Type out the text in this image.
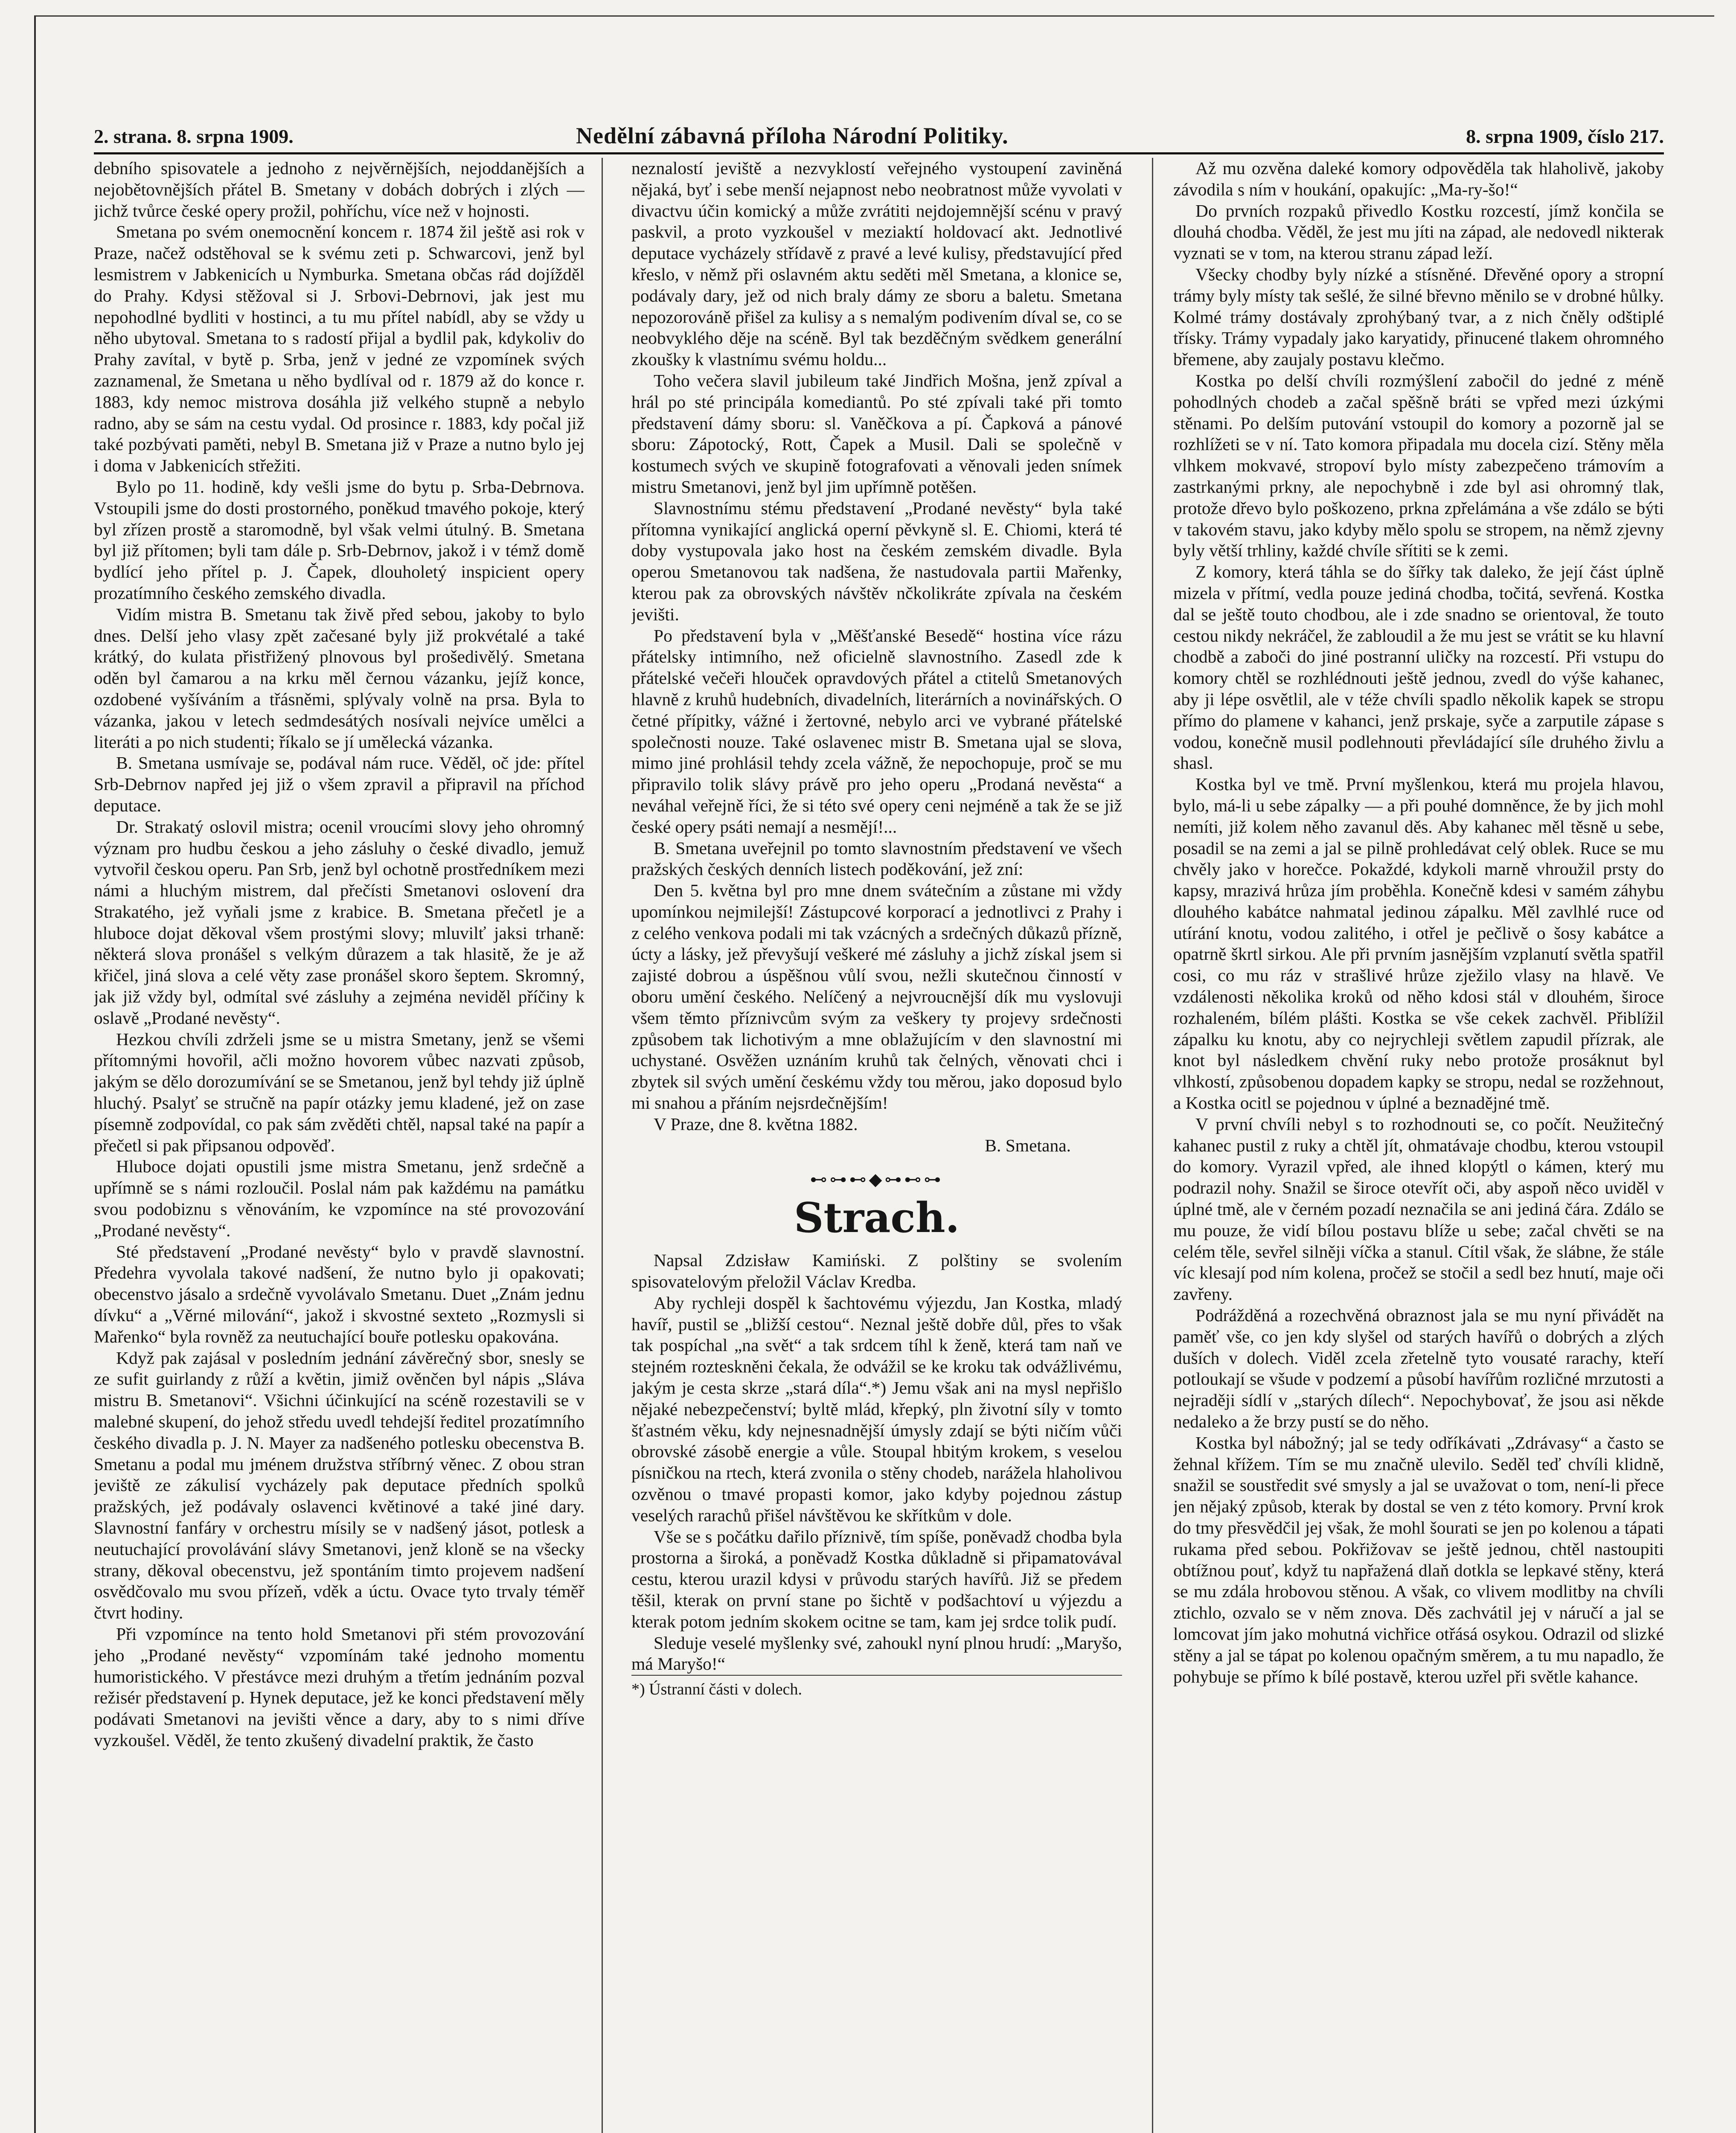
2. strana. 8. srpna 1909.	Nedělní zábavná příloha Národní Politiky.	8. srpna 1909, číslo 217.

debního spisovatele a jednoho z nejvěrnějších, nejoddanějších a nejobětovnějších přátel B. Smetany v dobách dobrých i zlých — jichž tvůrce české opery prožil, pohříchu, více než v hojnosti.

Smetana po svém onemocnění koncem r. 1874 žil ještě asi rok v Praze, načež odstěhoval se k svému zeti p. Schwarcovi, jenž byl lesmistrem v Jabkenicích u Nymburka. Smetana občas rád dojížděl do Prahy. Kdysi stěžoval si J. Srbovi-Debrnovi, jak jest mu nepohodlné bydliti v hostinci, a tu mu přítel nabídl, aby se vždy u něho ubytoval. Smetana to s radostí přijal a bydlil pak, kdykoliv do Prahy zavítal, v bytě p. Srba, jenž v jedné ze vzpomínek svých zaznamenal, že Smetana u něho bydlíval od r. 1879 až do konce r. 1883, kdy nemoc mistrova dosáhla již velkého stupně a nebylo radno, aby se sám na cestu vydal. Od prosince r. 1883, kdy počal již také pozbývati paměti, nebyl B. Smetana již v Praze a nutno bylo jej i doma v Jabkenicích střežiti.

Bylo po 11. hodině, kdy vešli jsme do bytu p. Srba-Debrnova. Vstoupili jsme do dosti prostorného, poněkud tmavého pokoje, který byl zřízen prostě a staromodně, byl však velmi útulný. B. Smetana byl již přítomen; byli tam dále p. Srb-Debrnov, jakož i v témž domě bydlící jeho přítel p. J. Čapek, dlouholetý inspicient opery prozatímního českého zemského divadla.

Vidím mistra B. Smetanu tak živě před sebou, jakoby to bylo dnes. Delší jeho vlasy zpět začesané byly již prokvétalé a také krátký, do kulata přistřižený plnovous byl prošedivělý. Smetana oděn byl čamarou a na krku měl černou vázanku, jejíž konce, ozdobené vyšíváním a třásněmi, splývaly volně na prsa. Byla to vázanka, jakou v letech sedmdesátých nosívali nejvíce umělci a literáti a po nich studenti; říkalo se jí umělecká vázanka.

B. Smetana usmívaje se, podával nám ruce. Věděl, oč jde: přítel Srb-Debrnov napřed jej již o všem zpravil a připravil na příchod deputace.

Dr. Strakatý oslovil mistra; ocenil vroucími slovy jeho ohromný význam pro hudbu českou a jeho zásluhy o české divadlo, jemuž vytvořil českou operu. Pan Srb, jenž byl ochotně prostředníkem mezi námi a hluchým mistrem, dal přečísti Smetanovi oslovení drа Strakatého, jež vyňali jsme z krabice. B. Smetana přečetl je a hluboce dojat děkoval všem prostými slovy; mluvilť jaksi trhaně: některá slova pronášel s velkým důrazem a tak hlasitě, že je až křičel, jiná slova a celé věty zase pronášel skoro šeptem. Skromný, jak již vždy byl, odmítal své zásluhy a zejména neviděl příčiny k oslavě „Prodané nevěsty“.

Hezkou chvíli zdrželi jsme se u mistra Smetany, jenž se všemi přítomnými hovořil, ačli možno hovorem vůbec nazvati způsob, jakým se dělo dorozumívání se se Smetanou, jenž byl tehdy již úplně hluchý. Psalyť se stručně na papír otázky jemu kladené, jež on zase písemně zodpovídal, co pak sám zvěděti chtěl, napsal také na papír a přečetl si pak připsanou odpověď.

Hluboce dojati opustili jsme mistra Smetanu, jenž srdečně a upřímně se s námi rozloučil. Poslal nám pak každému na památku svou podobiznu s věnováním, ke vzpomínce na sté provozování „Prodané nevěsty“.

Sté představení „Prodané nevěsty“ bylo v pravdě slavnostní. Předehra vyvolala takové nadšení, že nutno bylo ji opakovati; obecenstvo jásalo a srdečně vyvolávalo Smetanu. Duet „Znám jednu dívku“ a „Věrné milování“, jakož i skvostné sexteto „Rozmysli si Mařenko“ byla rovněž za neutuchající bouře potlesku opakována.

Když pak zajásal v posledním jednání závěrečný sbor, snesly se ze sufit guirlandy z růží a květin, jimiž ověnčen byl nápis „Sláva mistru B. Smetanovi“. Všichni účinkující na scéně rozestavili se v malebné skupení, do jehož středu uvedl tehdejší ředitel prozatímního českého divadla p. J. N. Mayer za nadšeného potlesku obecenstva B. Smetanu a podal mu jménem družstva stříbrný věnec. Z obou stran jeviště ze zákulisí vycházely pak deputace předních spolků pražských, jež podávaly oslavenci květinové a také jiné dary. Slavnostní fanfáry v orchestru mísily se v nadšený jásot, potlesk a neutuchající provolávání slávy Smetanovi, jenž kloně se na všecky strany, děkoval obecenstvu, jež spontáním timto projevem nadšení osvědčovalo mu svou přízeň, vděk a úctu. Ovace tyto trvaly téměř čtvrt hodiny.

Při vzpomínce na tento hold Smetanovi při stém provozování jeho „Prodané nevěsty“ vzpomínám také jednoho momentu humoristického. V přestávce mezi druhým a třetím jednáním pozval režisér představení p. Hynek deputace, jež ke konci představení měly podávati Smetanovi na jevišti věnce a dary, aby to s nimi dříve vyzkoušel. Věděl, že tento zkušený divadelní praktik, že často

neznalostí jeviště a nezvyklostí veřejného vystoupení zaviněná nějaká, byť i sebe menší nejapnost nebo neobratnost může vyvolati v divactvu účin komický a může zvrátiti nejdojemnější scénu v pravý paskvil, a proto vyzkoušel v meziaktí holdovací akt. Jednotlivé deputace vycházely střídavě z pravé a levé kulisy, představující před křeslo, v němž při oslavném aktu seděti měl Smetana, a klonice se, podávaly dary, jež od nich braly dámy ze sboru a baletu. Smetana nepozorováně přišel za kulisy a s nemalým podivením díval se, co se neobvyklého děje na scéně. Byl tak bezděčným svědkem generální zkoušky k vlastnímu svému holdu...

Toho večera slavil jubileum také Jindřich Mošna, jenž zpíval a hrál po sté principála komediantů. Po sté zpívali také při tomto představení dámy sboru: sl. Vaněčkova a pí. Čapková a pánové sboru: Zápotocký, Rott, Čapek a Musil. Dali se společně v kostumech svých ve skupině fotografovati a věnovali jeden snímek mistru Smetanovi, jenž byl jim upřímně potěšen.

Slavnostnímu stému představení „Prodané nevěsty“ byla také přítomna vynikající anglická operní pěvkyně sl. E. Chiomi, která té doby vystupovala jako host na českém zemském divadle. Byla operou Smetanovou tak nadšena, že nastudovala partii Mařenky, kterou pak za obrovských návštěv nčkolikráte zpívala na českém jevišti.

Po představení byla v „Měšťanské Besedě“ hostina více rázu přátelsky intimního, než oficielně slavnostního. Zasedl zde k přátelské večeři hlouček opravdových přátel a ctitelů Smetanových hlavně z kruhů hudebních, divadelních, literárních a novinářských. O četné přípitky, vážné i žertovné, nebylo arci ve vybrané přátelské společnosti nouze. Také oslavenec mistr B. Smetana ujal se slova, mimo jiné prohlásil tehdy zcela vážně, že nepochopuje, proč se mu připravilo tolik slávy právě pro jeho operu „Prodaná nevěsta“ a neváhal veřejně říci, že si této své opery ceni nejméně a tak že se již české opery psáti nemají a nesmějí!...

B. Smetana uveřejnil po tomto slavnostním představení ve všech pražských českých denních listech poděkování, jež zní:

Den 5. května byl pro mne dnem svátečním a zůstane mi vždy upomínkou nejmilejší! Zástupcové korporací a jednotlivci z Prahy i z celého venkova podali mi tak vzácných a srdečných důkazů přízně, úcty a lásky, jež převyšují veškeré mé zásluhy a jichž získal jsem si zajisté dobrou a úspěšnou vůlí svou, nežli skutečnou činností v oboru umění českého. Nelíčený a nejvroucnější dík mu vyslovuji všem těmto příznivcům svým za veškery ty projevy srdečnosti způsobem tak lichotivým a mne oblažujícím v den slavnostní mi uchystané. Osvěžen uznáním kruhů tak čelných, věnovati chci i zbytek sil svých umění českému vždy tou měrou, jako doposud bylo mi snahou a přáním nejsrdečnějším!

V Praze, dne 8. května 1882.

B. Smetana.

⊷⊶⊷◆⊶⊷⊶
Strach.

Napsal Zdzisław Kamiński. Z polštiny se svolením spisovatelovým přeložil Václav Kredba.

Aby rychleji dospěl k šachtovému výjezdu, Jan Kostka, mladý havíř, pustil se „bližší cestou“. Neznal ještě dobře důl, přes to však tak pospíchal „na svět“ a tak srdcem tíhl k ženě, která tam naň ve stejném rozteskněni čekala, že odvážil se ke kroku tak odvážlivému, jakým je cesta skrze „stará díla“.*) Jemu však ani na mysl nepřišlo nějaké nebezpečenství; byltě mlád, křepký, pln životní síly v tomto šťastném věku, kdy nejnesnadnější úmysly zdají se býti ničím vůči obrovské zásobě energie a vůle. Stoupal hbitým krokem, s veselou písničkou na rtech, která zvonila o stěny chodeb, narážela hlaholivou ozvěnou o tmavé propasti komor, jako kdyby pojednou zástup veselých rarachů přišel návštěvou ke skřítkům v dole.

Vše se s počátku dařilo příznivě, tím spíše, poněvadž chodba byla prostorna a široká, a poněvadž Kostka důkladně si připamatovával cestu, kterou urazil kdysi v průvodu starých havířů. Již se předem těšil, kterak on první stane po šichtě v podšachtoví u výjezdu a kterak potom jedním skokem ocitne se tam, kam jej srdce tolik pudí.

Sleduje veselé myšlenky své, zahoukl nyní plnou hrudí: „Maryšo, má Maryšo!“

*) Ústranní části v dolech.

Až mu ozvěna daleké komory odpověděla tak hlaholivě, jakoby závodila s ním v houkání, opakujíc: „Ma-ry-šo!“

Do prvních rozpaků přivedlo Kostku rozcestí, jímž končila se dlouhá chodba. Věděl, že jest mu jíti na západ, ale nedovedl nikterak vyznati se v tom, na kterou stranu západ leží.

Všecky chodby byly nízké a stísněné. Dřevěné opory a stropní trámy byly místy tak sešlé, že silné břevno měnilo se v drobné hůlky. Kolmé trámy dostávaly zprohýbaný tvar, a z nich čněly odštiplé třísky. Trámy vypadaly jako karyatidy, přinucené tlakem ohromného břemene, aby zaujaly postavu klečmo.

Kostka po delší chvíli rozmýšlení zabočil do jedné z méně pohodlných chodeb a začal spěšně bráti se vpřed mezi úzkými stěnami. Po delším putování vstoupil do komory a pozorně jal se rozhlížeti se v ní. Tato komora připadala mu docela cizí. Stěny měla vlhkem mokvavé, stropoví bylo místy zabezpečeno trámovím a zastrkanými prkny, ale nepochybně i zde byl asi ohromný tlak, protože dřevo bylo poškozeno, prkna zpřelámána a vše zdálo se býti v takovém stavu, jako kdyby mělo spolu se stropem, na němž zjevny byly větší trhliny, každé chvíle sřítiti se k zemi.

Z komory, která táhla se do šířky tak daleko, že její část úplně mizela v přítmí, vedla pouze jediná chodba, točitá, sevřená. Kostka dal se ještě touto chodbou, ale i zde snadno se orientoval, že touto cestou nikdy nekráčel, že zabloudil a že mu jest se vrátit se ku hlavní chodbě a zaboči do jiné postranní uličky na rozcestí. Při vstupu do komory chtěl se rozhlédnouti ještě jednou, zvedl do výše kahanec, aby ji lépe osvětlil, ale v téže chvíli spadlo několik kapek se stropu přímo do plamene v kahanci, jenž prskaje, syče a zarputile zápase s vodou, konečně musil podlehnouti převládající síle druhého živlu a shasl.

Kostka byl ve tmě. První myšlenkou, která mu projela hlavou, bylo, má-li u sebe zápalky — a při pouhé domněnce, že by jich mohl nemíti, již kolem něho zavanul děs. Aby kahanec měl těsně u sebe, posadil se na zemi a jal se pilně prohledávat celý oblek. Ruce se mu chvěly jako v horečce. Pokaždé, kdykoli marně vhroužil prsty do kapsy, mrazivá hrůza jím proběhla. Konečně kdesi v samém záhybu dlouhého kabátce nahmatal jedinou zápalku. Měl zavlhlé ruce od utírání knotu, vodou zalitého, i otřel je pečlivě o šosy kabátce a opatrně škrtl sirkou. Ale při prvním jasnějším vzplanutí světla spatřil cosi, co mu ráz v strašlivé hrůze zježilo vlasy na hlavě. Ve vzdálenosti několika kroků od něho kdosi stál v dlouhém, široce rozhaleném, bílém plášti. Kostka se vše cekek zachvěl. Přiblížil zápalku ku knotu, aby co nejrychleji světlem zapudil přízrak, ale knot byl následkem chvění ruky nebo protože prosáknut byl vlhkostí, způsobenou dopadem kapky se stropu, nedal se rozžehnout, a Kostka ocitl se pojednou v úplné a beznadějné tmě.

V první chvíli nebyl s to rozhodnouti se, co počít. Neužitečný kahanec pustil z ruky a chtěl jít, ohmatávaje chodbu, kterou vstoupil do komory. Vyrazil vpřed, ale ihned klopýtl o kámen, který mu podrazil nohy. Snažil se široce otevřít oči, aby aspoň něco uviděl v úplné tmě, ale v černém pozadí neznačila se ani jediná čára. Zdálo se mu pouze, že vidí bílou postavu blíže u sebe; začal chvěti se na celém těle, sevřel silněji víčka a stanul. Cítil však, že slábne, že stále víc klesají pod ním kolena, pročež se stočil a sedl bez hnutí, maje oči zavřeny.

Podrážděná a rozechvěná obraznost jala se mu nyní přivádět na paměť vše, co jen kdy slyšel od starých havířů o dobrých a zlých duších v dolech. Viděl zcela zřetelně tyto vousaté rarachy, kteří potloukají se všude v podzemí a působí havířům rozličné mrzutosti a nejraději sídlí v „starých dílech“. Nepochybovať, že jsou asi někde nedaleko a že brzy pustí se do něho.

Kostka byl nábožný; jal se tedy odříkávati „Zdrávasy“ a často se žehnal křížem. Tím se mu značně ulevilo. Seděl teď chvíli klidně, snažil se soustředit své smysly a jal se uvažovat o tom, není-li přece jen nějaký způsob, kterak by dostal se ven z této komory. První krok do tmy přesvědčil jej však, že mohl šourati se jen po kolenou a tápati rukama před sebou. Pokřižovav se ještě jednou, chtěl nastoupiti obtížnou pouť, když tu napřažená dlaň dotkla se lepkavé stěny, která se mu zdála hrobovou stěnou. A však, co vlivem modlitby na chvíli ztichlo, ozvalo se v něm znova. Děs zachvátil jej v náručí a jal se lomcovat jím jako mohutná vichřice otřásá osykou. Odrazil od slizké stěny a jal se tápat po kolenou opačným směrem, a tu mu napadlo, že pohybuje se přímo k bílé postavě, kterou uzřel při světle kahance.
